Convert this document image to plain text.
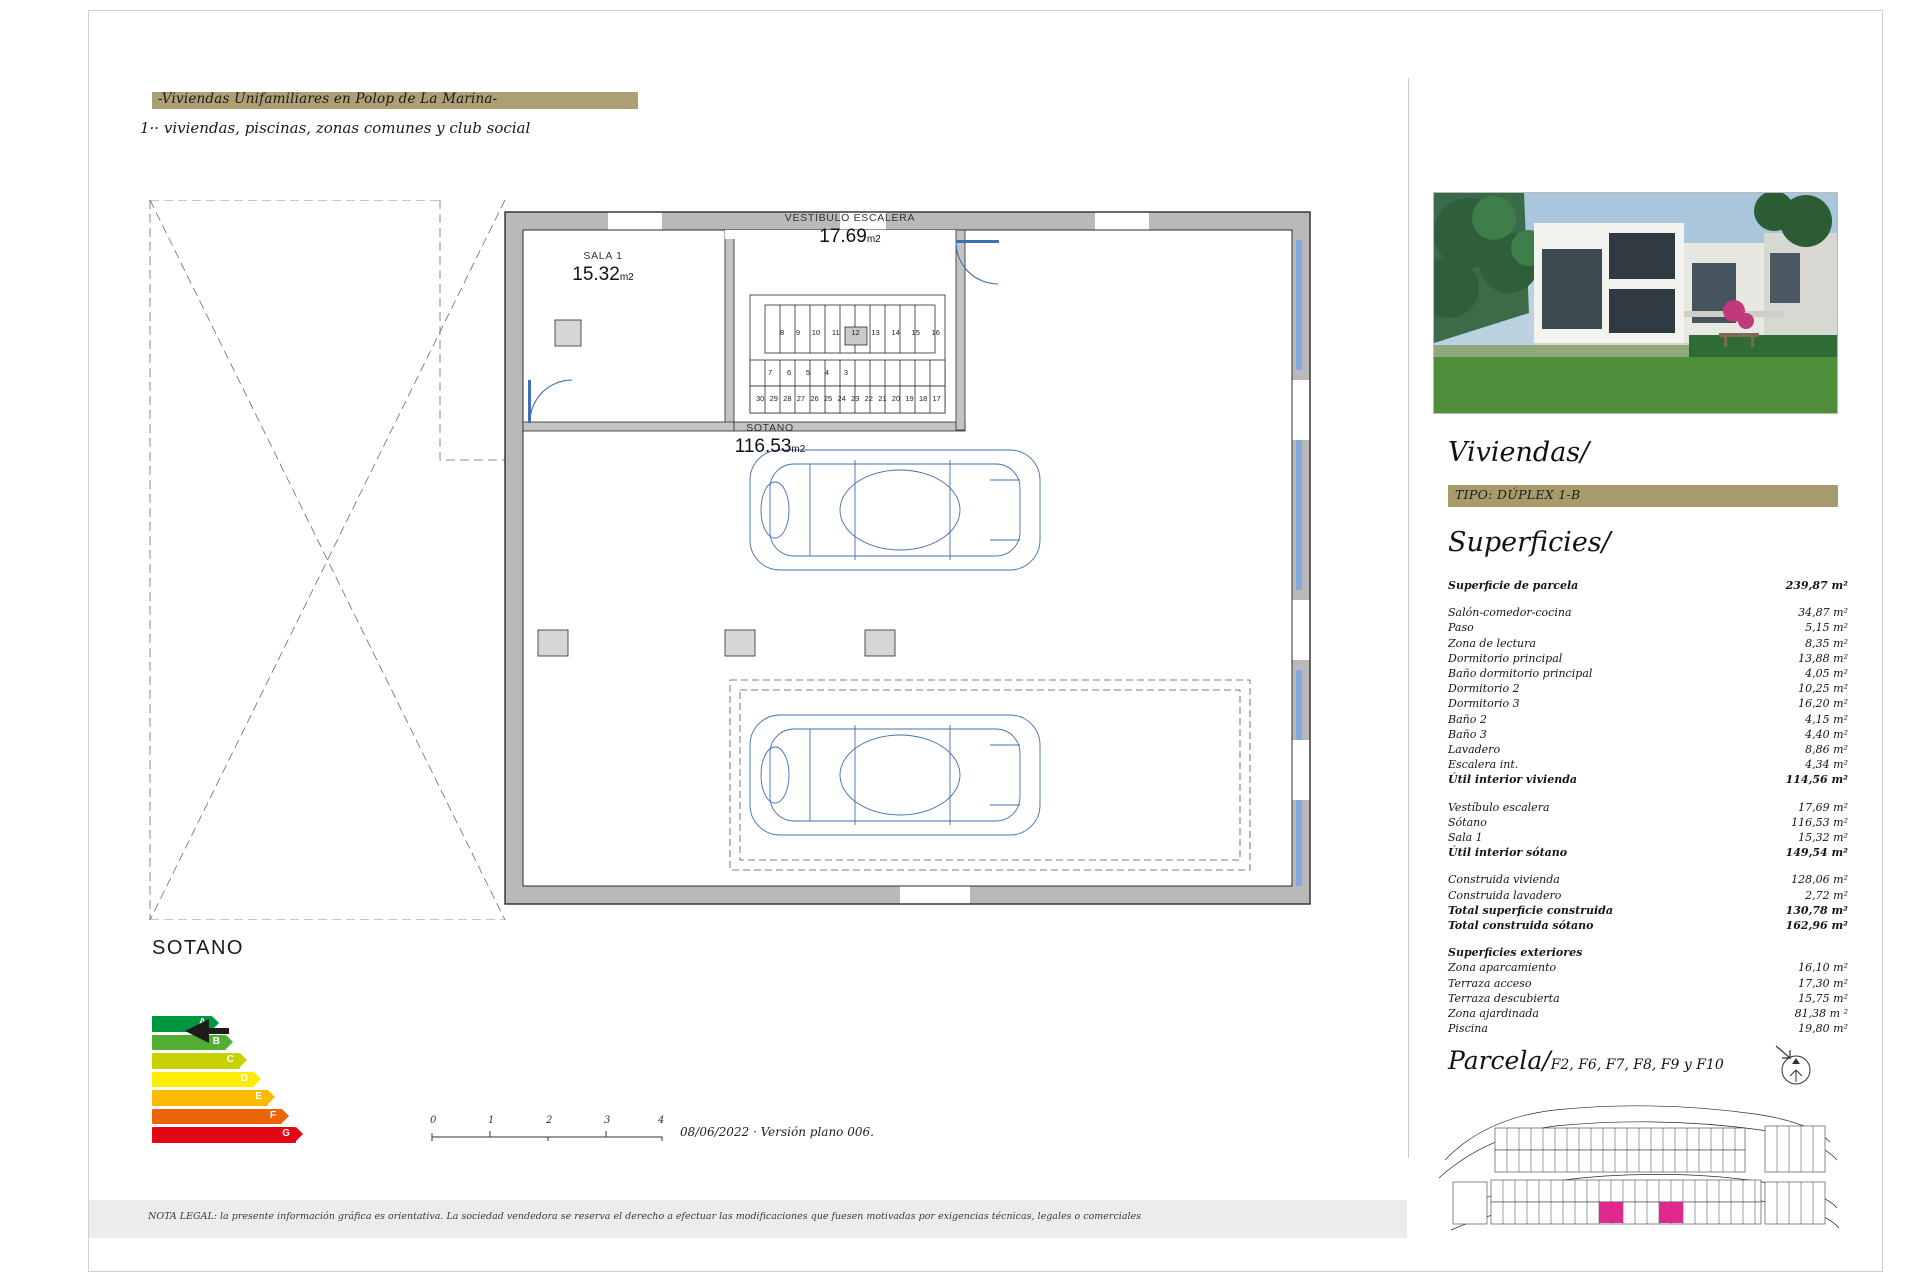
-Viviendas Unifamiliares en Polop de La Marina-
1·· viviendas, piscinas, zonas comunes y club social
SALA 1
15.32m2
VESTÍBULO ESCALERA
17.69m2
SOTANO
116.53m2
8 9 10 11 12 13 14 15 16
7 6 5 4 3
30 29 28 27 26 25 24 23 22 21 20 19 18 17
SOTANO
A
B
C
D
E
F
G
0	1	2	3	4
08/06/2022 · Versión plano 006.
NOTA LEGAL: la presente información gráfica es orientativa. La sociedad vendedora se reserva el derecho a efectuar las modificaciones que fuesen motivadas por exigencias técnicas, legales o comerciales
Viviendas/
TIPO: DÚPLEX 1-B
Superficies/
Superficie de parcela	239,87 m²
Salón-comedor-cocina	34,87 m²
Paso	5,15 m²
Zona de lectura	8,35 m²
Dormitorio principal	13,88 m²
Baño dormitorio principal	4,05 m²
Dormitorio 2	10,25 m²
Dormitorio 3	16,20 m²
Baño 2	4,15 m²
Baño 3	4,40 m²
Lavadero	8,86 m²
Escalera int.	4,34 m²
Útil interior vivienda	114,56 m²
Vestíbulo escalera	17,69 m²
Sótano	116,53 m²
Sala 1	15,32 m²
Útil interior sótano	149,54 m²
Construida vivienda	128,06 m²
Construida lavadero	2,72 m²
Total superficie construida	130,78 m²
Total construida sótano	162,96 m²
Superficies exteriores
Zona aparcamiento	16,10 m²
Terraza acceso	17,30 m²
Terraza descubierta	15,75 m²
Zona ajardinada	81,38 m ²
Piscina	19,80 m²
Parcela/F2, F6, F7, F8, F9 y F10
